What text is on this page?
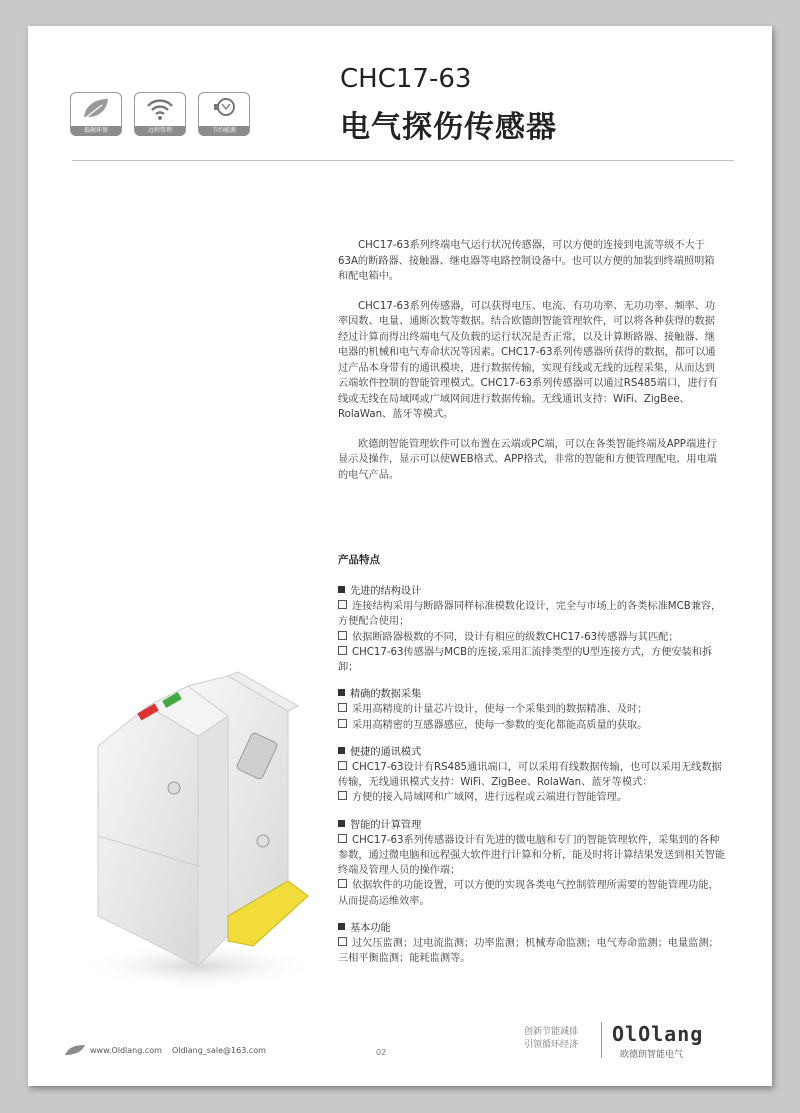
低碳环保	远程管理	节约能源
CHC17-63
电气探伤传感器

CHC17-63系列终端电气运行状况传感器，可以方便的连接到电流等级不大于63A的断路器、接触器、继电器等电路控制设备中。也可以方便的加装到终端照明箱和配电箱中。

CHC17-63系列传感器，可以获得电压、电流、有功功率、无功功率、频率、功率因数、电量、通断次数等数据。结合欧德朗智能管理软件，可以将各种获得的数据经过计算而得出终端电气及负载的运行状况是否正常，以及计算断路器、接触器、继电器的机械和电气寿命状况等因素。CHC17-63系列传感器所获得的数据，都可以通过产品本身带有的通讯模块，进行数据传输，实现有线或无线的远程采集，从而达到云端软件控制的智能管理模式。CHC17-63系列传感器可以通过RS485端口，进行有线或无线在局域网或广域网间进行数据传输。无线通讯支持：WiFi、ZigBee、RolaWan、蓝牙等模式。

欧德朗智能管理软件可以布置在云端或PC端，可以在各类智能终端及APP端进行显示及操作，显示可以使WEB格式、APP格式，非常的智能和方便管理配电、用电端的电气产品。

产品特点
先进的结构设计
连接结构采用与断路器同样标准模数化设计，完全与市场上的各类标准MCB兼容，方便配合使用；
依据断路器极数的不同，设计有相应的级数CHC17-63传感器与其匹配；
CHC17-63传感器与MCB的连接,采用汇流排类型的U型连接方式，方便安装和拆卸；
精确的数据采集
采用高精度的计量芯片设计，使每一个采集到的数据精准、及时；
采用高精密的互感器感应，使每一参数的变化都能高质量的获取。
便捷的通讯模式
CHC17-63设计有RS485通讯端口，可以采用有线数据传输，也可以采用无线数据传输，无线通讯模式支持：WiFi、ZigBee、RolaWan、蓝牙等模式：
方便的接入局域网和广域网，进行远程或云端进行智能管理。
智能的计算管理
CHC17-63系列传感器设计有先进的微电脑和专门的智能管理软件，采集到的各种参数，通过微电脑和远程强大软件进行计算和分析，能及时将计算结果发送到相关智能终端及管理人员的操作端；
依据软件的功能设置，可以方便的实现各类电气控制管理所需要的智能管理功能，从而提高运维效率。
基本功能
过欠压监测；过电流监测；功率监测；机械寿命监测；电气寿命监测；电量监测；三相平衡监测；能耗监测等。
www.Oldlang.com Oldlang_sale@163.com	02
创新节能减排
引领循环经济 OlOlang
欧德朗智能电气
